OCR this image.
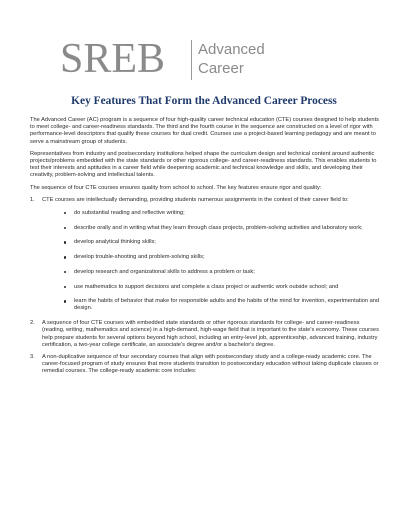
SREB Advanced
Career
Key Features That Form the Advanced Career Process

The Advanced Career (AC) program is a sequence of four high-quality career technical education (CTE) courses designed to help students to meet college- and career-readiness standards. The third and the fourth course in the sequence are constructed on a level of rigor with performance-level descriptors that qualify these courses for dual credit. Courses use a project-based learning pedagogy and are meant to serve a mainstream group of students.

Representatives from industry and postsecondary institutions helped shape the curriculum design and technical content around authentic projects/problems embedded with the state standards or other rigorous college- and career-readiness standards. This enables students to test their interests and aptitudes in a career field while deepening academic and technical knowledge and skills, and developing their creativity, problem-solving and intellectual talents.

The sequence of four CTE courses ensures quality from school to school. The key features ensure rigor and quality:

1. CTE courses are intellectually demanding, providing students numerous assignments in the context of their career field to:
do substantial reading and reflective writing;
describe orally and in writing what they learn through class projects, problem-solving activities and laboratory work;
develop analytical thinking skills;
develop trouble-shooting and problem-solving skills;
develop research and organizational skills to address a problem or task;
use mathematics to support decisions and complete a class project or authentic work outside school; and
learn the habits of behavior that make for responsible adults and the habits of the mind for invention, experimentation and design.
2. A sequence of four CTE courses with embedded state standards or other rigorous standards for college- and career-readiness (reading, writing, mathematics and science) in a high-demand, high-wage field that is important to the state's economy. These courses help prepare students for several options beyond high school, including an entry-level job, apprenticeship, advanced training, industry certification, a two-year college certificate, an associate's degree and/or a bachelor's degree.
3. A non-duplicative sequence of four secondary courses that align with postsecondary study and a college-ready academic core. The career-focused program of study ensures that more students transition to postsecondary education without taking duplicate classes or remedial courses. The college-ready academic core includes:
